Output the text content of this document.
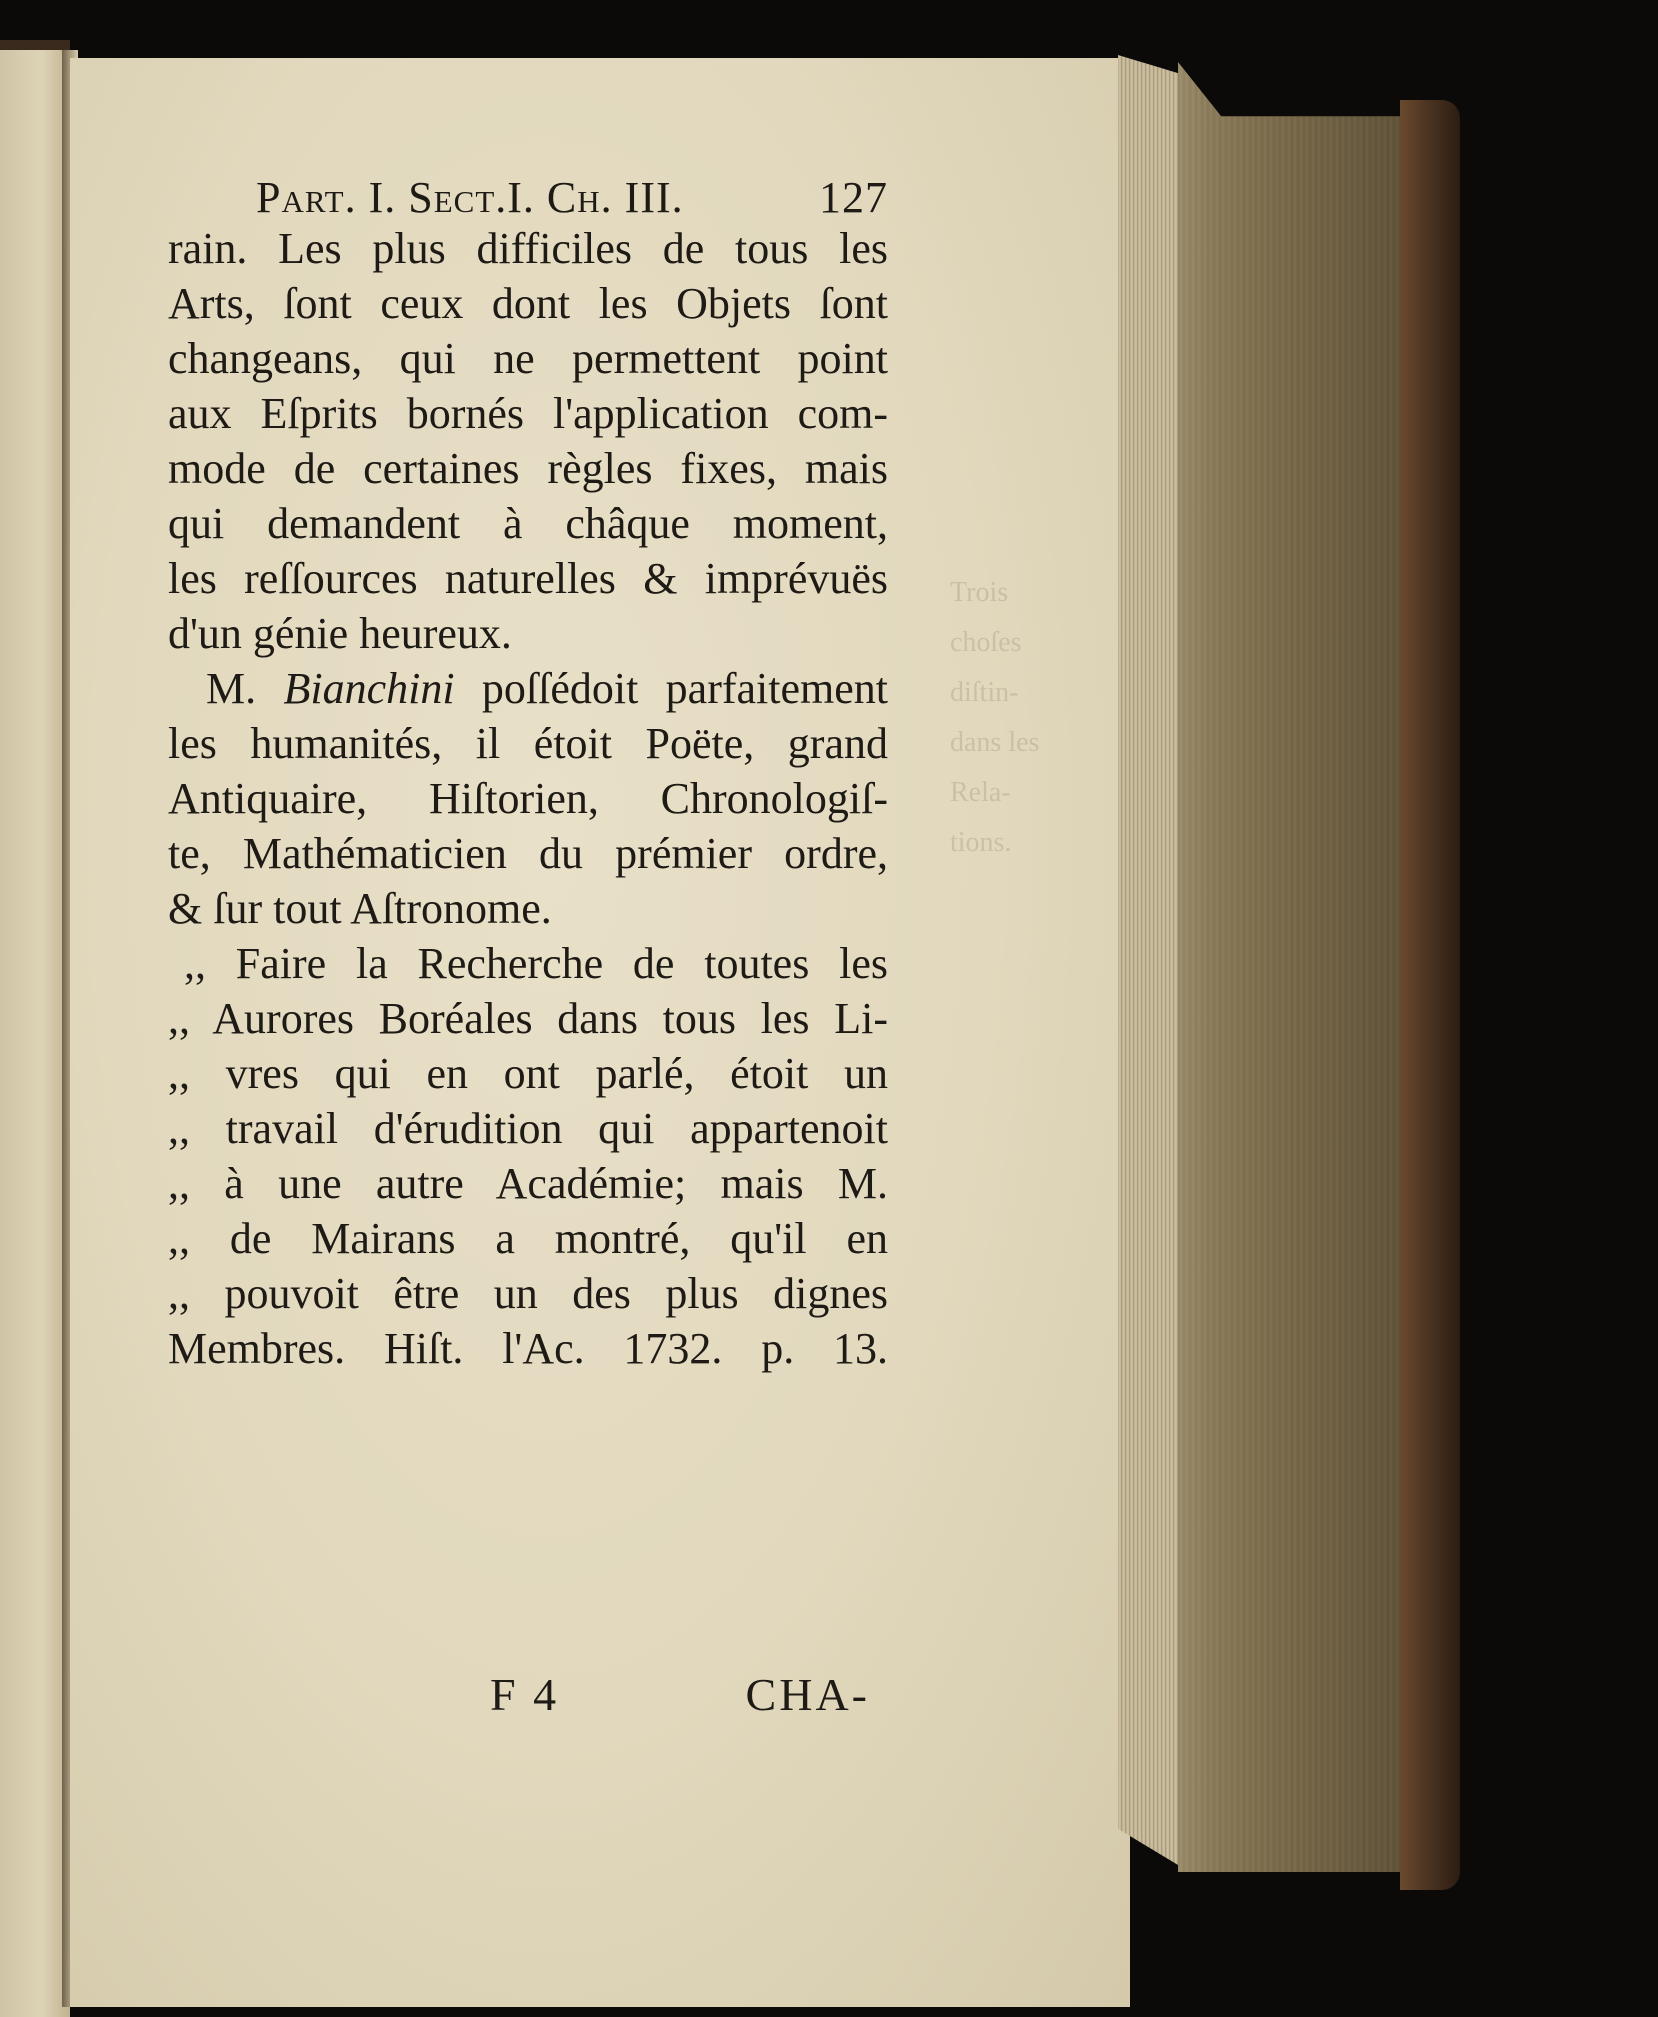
Trois
choſes
diſtin-
dans les
Rela-
tions.
Part. I. Sect.I. Ch. III.	127
rain. Les plus difficiles de tous les
Arts, ſont ceux dont les Objets ſont
changeans, qui ne permettent point
aux Eſprits bornés l'application com-
mode de certaines règles fixes, mais
qui demandent à châque moment,
les reſſources naturelles & imprévuës
d'un génie heureux.
M. Bianchini poſſédoit parfaitement
les humanités, il étoit Poëte, grand
Antiquaire, Hiſtorien, Chronologiſ-
te, Mathématicien du prémier ordre,
& ſur tout Aſtronome.
,, Faire la Recherche de toutes les
,, Aurores Boréales dans tous les Li-
,, vres qui en ont parlé, étoit un
,, travail d'érudition qui appartenoit
,, à une autre Académie; mais M.
,, de Mairans a montré, qu'il en
,, pouvoit être un des plus dignes
Membres. Hiſt. l'Ac. 1732. p. 13.
F 4	CHA-
